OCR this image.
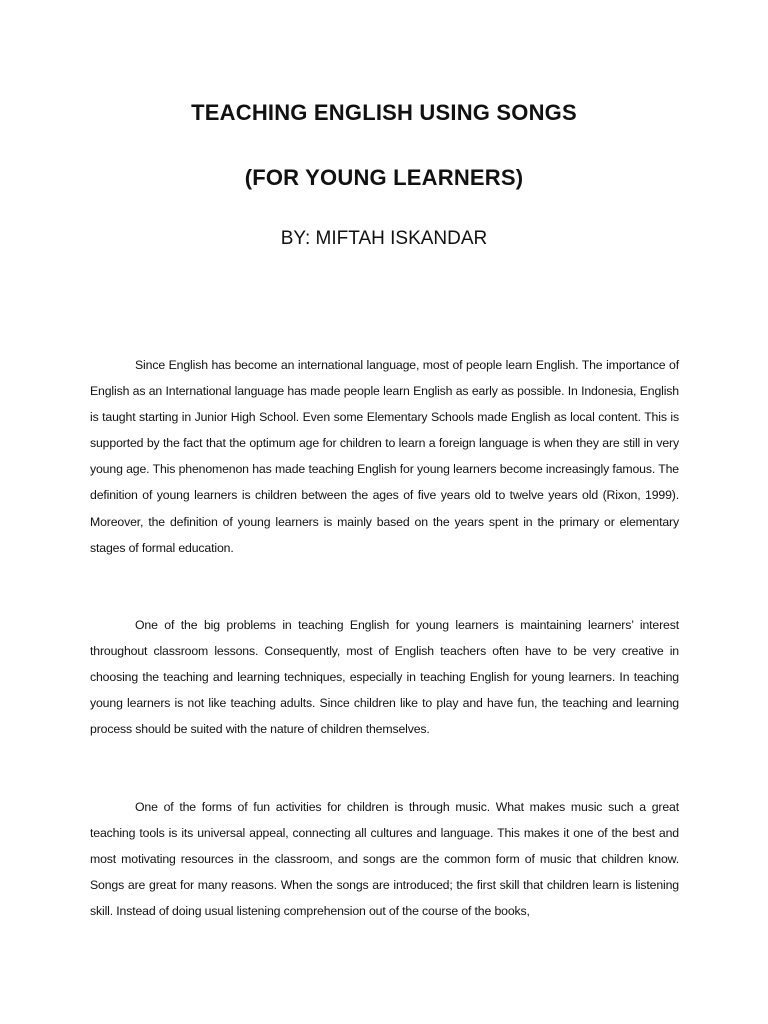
TEACHING ENGLISH USING SONGS
(FOR YOUNG LEARNERS)
BY: MIFTAH ISKANDAR

Since English has become an international language, most of people learn English. The importance of English as an International language has made people learn English as early as possible. In Indonesia, English is taught starting in Junior High School. Even some Elementary Schools made English as local content. This is supported by the fact that the optimum age for children to learn a foreign language is when they are still in very young age. This phenomenon has made teaching English for young learners become increasingly famous. The definition of young learners is children between the ages of five years old to twelve years old (Rixon, 1999). Moreover, the definition of young learners is mainly based on the years spent in the primary or elementary stages of formal education.

One of the big problems in teaching English for young learners is maintaining learners’ interest throughout classroom lessons. Consequently, most of English teachers often have to be very creative in choosing the teaching and learning techniques, especially in teaching English for young learners. In teaching young learners is not like teaching adults. Since children like to play and have fun, the teaching and learning process should be suited with the nature of children themselves.

One of the forms of fun activities for children is through music. What makes music such a great teaching tools is its universal appeal, connecting all cultures and language. This makes it one of the best and most motivating resources in the classroom, and songs are the common form of music that children know. Songs are great for many reasons. When the songs are introduced; the first skill that children learn is listening skill. Instead of doing usual listening comprehension out of the course of the books,
